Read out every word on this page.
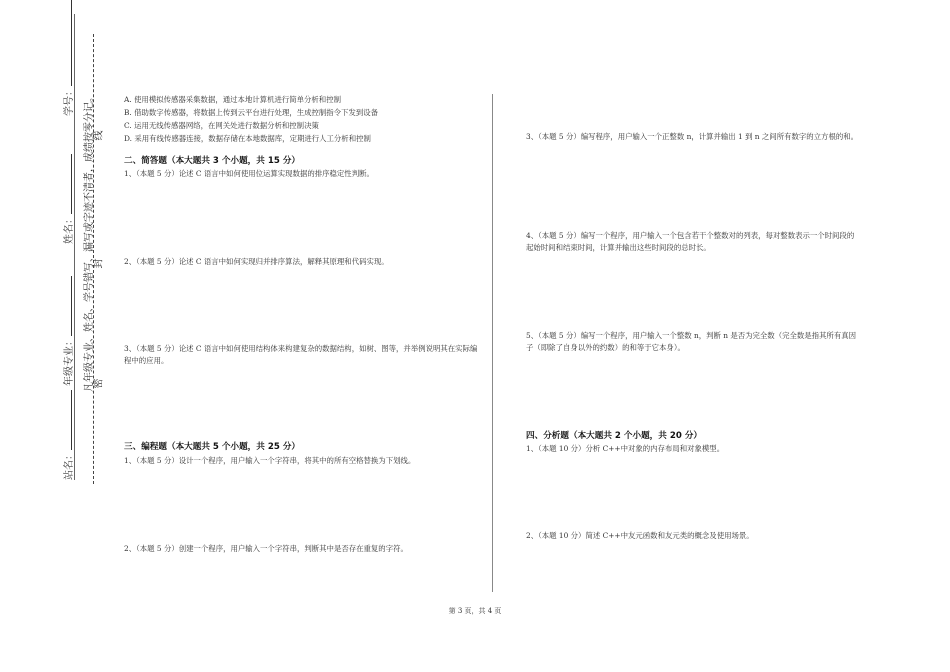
学号：
姓名：
年级专业：
站名：
凡年级专业、姓名、学号错写、漏写或字迹不清者，成绩按零分记。
线
封
密
A. 使用模拟传感器采集数据，通过本地计算机进行简单分析和控制
B. 借助数字传感器，将数据上传到云平台进行处理，生成控制指令下发到设备
C. 运用无线传感器网络，在网关处进行数据分析和控制决策
D. 采用有线传感器连接，数据存储在本地数据库，定期进行人工分析和控制
二、简答题（本大题共 3 个小题，共 15 分）
1、（本题 5 分）论述 C 语言中如何使用位运算实现数据的排序稳定性判断。
2、（本题 5 分）论述 C 语言中如何实现归并排序算法，解释其原理和代码实现。
3、（本题 5 分）论述 C 语言中如何使用结构体来构建复杂的数据结构，如树、图等，并举例说明其在实际编程中的应用。
三、编程题（本大题共 5 个小题，共 25 分）
1、（本题 5 分）设计一个程序，用户输入一个字符串，将其中的所有空格替换为下划线。
2、（本题 5 分）创建一个程序，用户输入一个字符串，判断其中是否存在重复的字符。
3、（本题 5 分）编写程序，用户输入一个正整数 n，计算并输出 1 到 n 之间所有数字的立方根的和。
4、（本题 5 分）编写一个程序，用户输入一个包含若干个整数对的列表，每对整数表示一个时间段的起始时间和结束时间，计算并输出这些时间段的总时长。
5、（本题 5 分）编写一个程序，用户输入一个整数 n，判断 n 是否为完全数（完全数是指其所有真因子（即除了自身以外的约数）的和等于它本身）。
四、分析题（本大题共 2 个小题，共 20 分）
1、（本题 10 分）分析 C++中对象的内存布局和对象模型。
2、（本题 10 分）简述 C++中友元函数和友元类的概念及使用场景。
第 3 页，共 4 页
